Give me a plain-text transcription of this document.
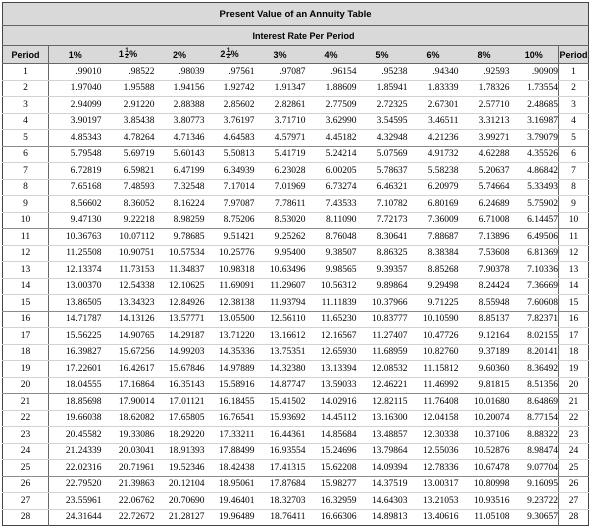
Present Value of an Annuity Table											
	Interest Rate Per Period										
Period	1%	$1 \frac{1}{2}$ %	2%	$2 \frac{1}{2}$ %	3%	4%	5%	6%	8%	10%	Period
1	.99010	.98522	.98039	.97561	.97087	.96154	.95238	.94340	.92593	.90909	1
2	1.97040	1.95588	1.94156	1.92742	1.91347	1.88609	1.85941	1.83339	1.78326	1.73554	2
3	2.94099	2.91220	2.88388	2.85602	2.82861	2.77509	2.72325	2.67301	2.57710	2.48685	3
4	3.90197	3.85438	3.80773	3.76197	3.71710	3.62990	3.54595	3.46511	3.31213	3.16987	4
5	4.85343	4.78264	4.71346	4.64583	4.57971	4.45182	4.32948	4.21236	3.99271	3.79079	5
6	5.79548	5.69719	5.60143	5.50813	5.41719	5.24214	5.07569	4.91732	4.62288	4.35526	6
7	6.72819	6.59821	6.47199	6.34939	6.23028	6.00205	5.78637	5.58238	5.20637	4.86842	7
8	7.65168	7.48593	7.32548	7.17014	7.01969	6.73274	6.46321	6.20979	5.74664	5.33493	8
9	8.56602	8.36052	8.16224	7.97087	7.78611	7.43533	7.10782	6.80169	6.24689	5.75902	9
10	9.47130	9.22218	8.98259	8.75206	8.53020	8.11090	7.72173	7.36009	6.71008	6.14457	10
11	10.36763	10.07112	9.78685	9.51421	9.25262	8.76048	8.30641	7.88687	7.13896	6.49506	11
12	11.25508	10.90751	10.57534	10.25776	9.95400	9.38507	8.86325	8.38384	7.53608	6.81369	12
13	12.13374	11.73153	11.34837	10.98318	10.63496	9.98565	9.39357	8.85268	7.90378	7.10336	13
14	13.00370	12.54338	12.10625	11.69091	11.29607	10.56312	9.89864	9.29498	8.24424	7.36669	14
15	13.86505	13.34323	12.84926	12.38138	11.93794	11.11839	10.37966	9.71225	8.55948	7.60608	15
16	14.71787	14.13126	13.57771	13.05500	12.56110	11.65230	10.83777	10.10590	8.85137	7.82371	16
17	15.56225	14.90765	14.29187	13.71220	13.16612	12.16567	11.27407	10.47726	9.12164	8.02155	17
18	16.39827	15.67256	14.99203	14.35336	13.75351	12.65930	11.68959	10.82760	9.37189	8.20141	18
19	17.22601	16.42617	15.67846	14.97889	14.32380	13.13394	12.08532	11.15812	9.60360	8.36492	19
20	18.04555	17.16864	16.35143	15.58916	14.87747	13.59033	12.46221	11.46992	9.81815	8.51356	20
21	18.85698	17.90014	17.01121	16.18455	15.41502	14.02916	12.82115	11.76408	10.01680	8.64869	21
22	19.66038	18.62082	17.65805	16.76541	15.93692	14.45112	13.16300	12.04158	10.20074	8.77154	22
23	20.45582	19.33086	18.29220	17.33211	16.44361	14.85684	13.48857	12.30338	10.37106	8.88322	23
24	21.24339	20.03041	18.91393	17.88499	16.93554	15.24696	13.79864	12.55036	10.52876	8.98474	24
25	22.02316	20.71961	19.52346	18.42438	17.41315	15.62208	14.09394	12.78336	10.67478	9.07704	25
26	22.79520	21.39863	20.12104	18.95061	17.87684	15.98277	14.37519	13.00317	10.80998	9.16095	26
27	23.55961	22.06762	20.70690	19.46401	18.32703	16.32959	14.64303	13.21053	10.93516	9.23722	27
28	24.31644	22.72672	21.28127	19.96489	18.76411	16.66306	14.89813	13.40616	11.05108	9.30657	28
